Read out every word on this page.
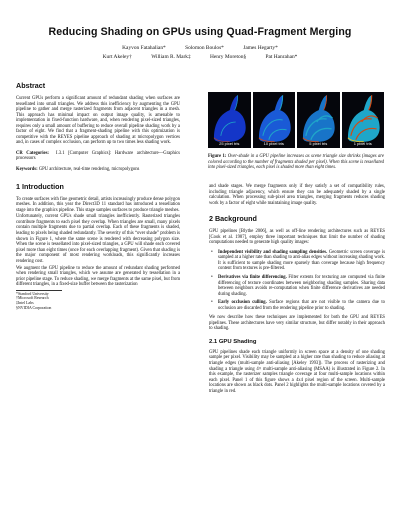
Reducing Shading on GPUs using Quad-Fragment Merging
Kayvon Fatahalian*	Solomon Boulos*	James Hegarty*
Kurt Akeley†	William R. Mark‡	Henry Moreton§	Pat Hanrahan*

Abstract

Current GPUs perform a significant amount of redundant shading when surfaces are tessellated into small triangles. We address this inefficiency by augmenting the GPU pipeline to gather and merge rasterized fragments from adjacent triangles in a mesh. This approach has minimal impact on output image quality, is amenable to implementation in fixed-function hardware, and, when rendering pixel-sized triangles, requires only a small amount of buffering to reduce overall pipeline shading work by a factor of eight. We find that a fragment-shading pipeline with this optimization is competitive with the REYES pipeline approach of shading at micropolygon vertices and, in cases of complex occlusion, can perform up to two times less shading work.

CR Categories: I.3.1 [Computer Graphics]: Hardware architecture—Graphics processors

Keywords: GPU architecture, real-time rendering, micropolygons

1 Introduction

To create surfaces with fine geometric detail, artists increasingly produce dense polygon meshes. In addition, this year the Direct3D 11 standard has introduced a tessellation stage into the graphics pipeline. This stage samples surfaces to produce triangle meshes.

Unfortunately, current GPUs shade small triangles inefficiently. Rasterized triangles contribute fragments to each pixel they overlap. When triangles are small, many pixels contain multiple fragments due to partial overlap. Each of these fragments is shaded, leading to pixels being shaded redundantly. The severity of this “over shade” problem is shown in Figure 1, where the same scene is rendered with decreasing polygon size. When the scene is tessellated into pixel-sized triangles, a GPU will shade each covered pixel more than eight times (once for each overlapping fragment). Given that shading is the major component of most rendering workloads, this significantly increases rendering cost.

We augment the GPU pipeline to reduce the amount of redundant shading performed when rendering small triangles, which we assume are generated by tessellation in a prior pipeline stage. To reduce shading, we merge fragments at the same pixel, but from different triangles, in a fixed-size buffer between the rasterization

*Stanford University

†Microsoft Research

‡Intel Labs

§NVIDIA Corporation

25 pixel tris	10 pixel tris	5 pixel tris	1 pixel tris

Figure 1: Over-shade in a GPU pipeline increases as scene triangle size shrinks (images are colored according to the number of fragments shaded per pixel). When this scene is tessellated into pixel-sized triangles, each pixel is shaded more than eight times.

and shade stages. We merge fragments only if they satisfy a set of compatibility rules, including triangle adjacency, which ensure they can be adequately shaded by a single calculation. When processing sub-pixel area triangles, merging fragments reduces shading work by a factor of eight while maintaining image quality.

2 Background

GPU pipelines [Blythe 2006], as well as off-line rendering architectures such as REYES [Cook et al. 1987], employ three important techniques that limit the number of shading computations needed to generate high quality images:

• Independent visibility and shading sampling densities. Geometric screen coverage is sampled at a higher rate than shading to anti-alias edges without increasing shading work. It is sufficient to sample shading more sparsely than coverage because high frequency content from textures is pre-filtered.
• Derivatives via finite differencing. Filter extents for texturing are computed via finite differencing of texture coordinates between neighboring shading samples. Sharing data between neighbors avoids re-computation when finite difference derivatives are needed during shading.
• Early occlusion culling. Surface regions that are not visible to the camera due to occlusion are discarded from the rendering pipeline prior to shading.

We now describe how these techniques are implemented for both the GPU and REYES pipelines. These architectures have very similar structure, but differ notably in their approach to shading.

2.1 GPU Shading

GPU pipelines shade each triangle uniformly in screen space at a density of one shading sample per pixel. Visibility may be sampled at a higher rate than shading to reduce aliasing at triangle edges (multi-sample anti-aliasing [Akeley 1993]). The process of rasterizing and shading a triangle using 4× multi-sample anti-aliasing (MSAA) is illustrated in Figure 2. In this example, the rasterizer samples triangle coverage at four multi-sample locations within each pixel. Panel 1 of this figure shows a 4x4 pixel region of the screen. Multi-sample locations are shown as black dots. Panel 2 highlights the multi-sample locations covered by a triangle in red.
